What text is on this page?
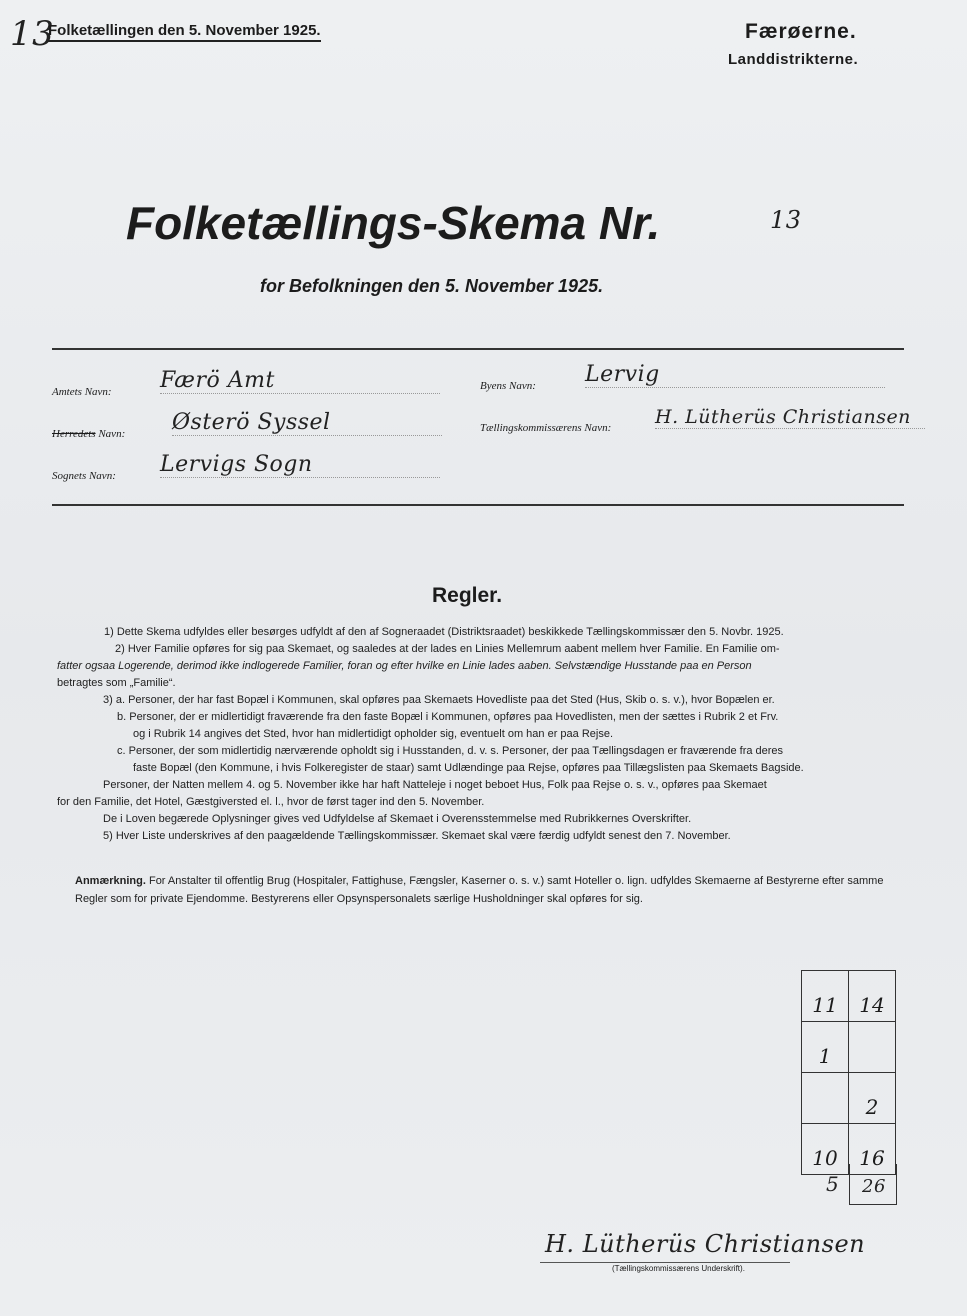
13
Folketællingen den 5. November 1925.	Færøerne.
Landdistrikterne.
Folketællings-Skema Nr.	13
for Befolkningen den 5. November 1925.
Amtets Navn: Færö Amt
Herredets Navn: Østerö Syssel
Sognets Navn: Lervigs Sogn
Byens Navn: Lervig
Tællingskommissærens Navn: H. Lütherüs Christiansen
Regler.
1) Dette Skema udfyldes eller besørges udfyldt af den af Sogneraadet (Distriktsraadet) beskikkede Tællingskommissær den 5. Novbr. 1925.
2) Hver Familie opføres for sig paa Skemaet, og saaledes at der lades en Linies Mellemrum aabent mellem hver Familie. En Familie om-
fatter ogsaa Logerende, derimod ikke indlogerede Familier, foran og efter hvilke en Linie lades aaben. Selvstændige Husstande paa en Person
betragtes som „Familie“.
3) a. Personer, der har fast Bopæl i Kommunen, skal opføres paa Skemaets Hovedliste paa det Sted (Hus, Skib o. s. v.), hvor Bopælen er.
b. Personer, der er midlertidigt fraværende fra den faste Bopæl i Kommunen, opføres paa Hovedlisten, men der sættes i Rubrik 2 et Frv.
og i Rubrik 14 angives det Sted, hvor han midlertidigt opholder sig, eventuelt om han er paa Rejse.
c. Personer, der som midlertidig nærværende opholdt sig i Husstanden, d. v. s. Personer, der paa Tællingsdagen er fraværende fra deres
faste Bopæl (den Kommune, i hvis Folkeregister de staar) samt Udlændinge paa Rejse, opføres paa Tillægslisten paa Skemaets Bagside.
Personer, der Natten mellem 4. og 5. November ikke har haft Natteleje i noget beboet Hus, Folk paa Rejse o. s. v., opføres paa Skemaet
for den Familie, det Hotel, Gæstgiversted el. l., hvor de først tager ind den 5. November.
De i Loven begærede Oplysninger gives ved Udfyldelse af Skemaet i Overensstemmelse med Rubrikkernes Overskrifter.
5) Hver Liste underskrives af den paagældende Tællingskommissær. Skemaet skal være færdig udfyldt senest den 7. November.
Anmærkning. For Anstalter til offentlig Brug (Hospitaler, Fattighuse, Fængsler, Kaserner o. s. v.) samt Hoteller o. lign. udfyldes Skemaerne af Bestyrerne efter samme Regler som for private Ejendomme. Bestyrerens eller Opsynspersonalets særlige Husholdninger skal opføres for sig.
11	14
1	
	2
10	16
5 26
H. Lütherüs Christiansen
(Tællingskommissærens Underskrift).
